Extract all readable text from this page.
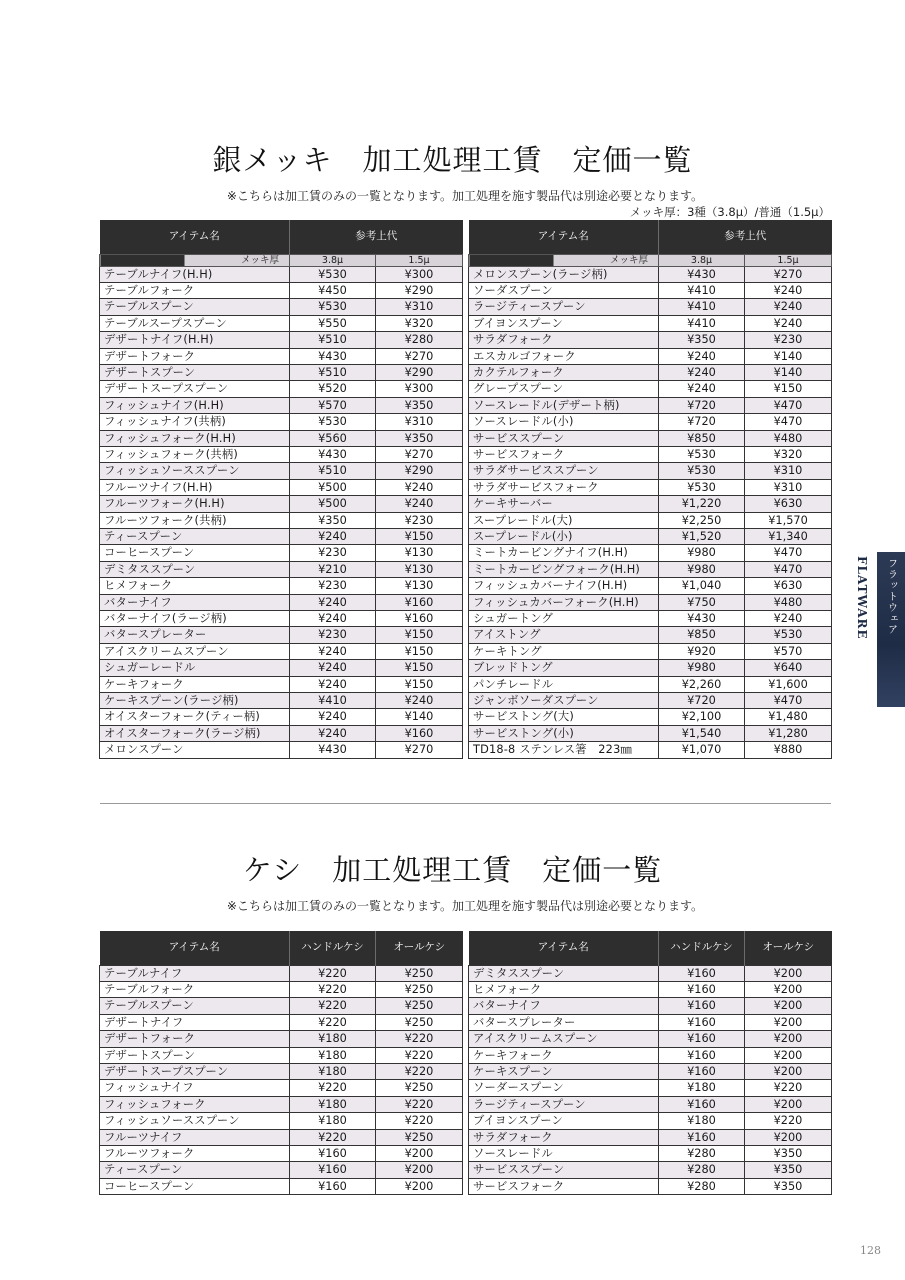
銀メッキ　加工処理工賃　定価一覧

※こちらは加工賃のみの一覧となります。加工処理を施す製品代は別途必要となります。

メッキ厚：3種（3.8μ）/普通（1.5μ）

アイテム名	参考上代	
メッキ厚	3.8μ	1.5μ
テーブルナイフ(H.H)	¥530	¥300
テーブルフォーク	¥450	¥290
テーブルスプーン	¥530	¥310
テーブルスープスプーン	¥550	¥320
デザートナイフ(H.H)	¥510	¥280
デザートフォーク	¥430	¥270
デザートスプーン	¥510	¥290
デザートスープスプーン	¥520	¥300
フィッシュナイフ(H.H)	¥570	¥350
フィッシュナイフ(共柄)	¥530	¥310
フィッシュフォーク(H.H)	¥560	¥350
フィッシュフォーク(共柄)	¥430	¥270
フィッシュソーススプーン	¥510	¥290
フルーツナイフ(H.H)	¥500	¥240
フルーツフォーク(H.H)	¥500	¥240
フルーツフォーク(共柄)	¥350	¥230
ティースプーン	¥240	¥150
コーヒースプーン	¥230	¥130
デミタススプーン	¥210	¥130
ヒメフォーク	¥230	¥130
バターナイフ	¥240	¥160
バターナイフ(ラージ柄)	¥240	¥160
バタースプレーター	¥230	¥150
アイスクリームスプーン	¥240	¥150
シュガーレードル	¥240	¥150
ケーキフォーク	¥240	¥150
ケーキスプーン(ラージ柄)	¥410	¥240
オイスターフォーク(ティー柄)	¥240	¥140
オイスターフォーク(ラージ柄)	¥240	¥160
メロンスプーン	¥430	¥270
アイテム名	参考上代	
メッキ厚	3.8μ	1.5μ
メロンスプーン(ラージ柄)	¥430	¥270
ソーダスプーン	¥410	¥240
ラージティースプーン	¥410	¥240
ブイヨンスプーン	¥410	¥240
サラダフォーク	¥350	¥230
エスカルゴフォーク	¥240	¥140
カクテルフォーク	¥240	¥140
グレープスプーン	¥240	¥150
ソースレードル(デザート柄)	¥720	¥470
ソースレードル(小)	¥720	¥470
サービススプーン	¥850	¥480
サービスフォーク	¥530	¥320
サラダサービススプーン	¥530	¥310
サラダサービスフォーク	¥530	¥310
ケーキサーバー	¥1,220	¥630
スープレードル(大)	¥2,250	¥1,570
スープレードル(小)	¥1,520	¥1,340
ミートカービングナイフ(H.H)	¥980	¥470
ミートカービングフォーク(H.H)	¥980	¥470
フィッシュカバーナイフ(H.H)	¥1,040	¥630
フィッシュカバーフォーク(H.H)	¥750	¥480
シュガートング	¥430	¥240
アイストング	¥850	¥530
ケーキトング	¥920	¥570
ブレッドトング	¥980	¥640
パンチレードル	¥2,260	¥1,600
ジャンボソーダスプーン	¥720	¥470
サービストング(大)	¥2,100	¥1,480
サービストング(小)	¥1,540	¥1,280
TD18-8 ステンレス箸　223㎜	¥1,070	¥880
ケシ　加工処理工賃　定価一覧

※こちらは加工賃のみの一覧となります。加工処理を施す製品代は別途必要となります。

アイテム名	ハンドルケシ	オールケシ
テーブルナイフ	¥220	¥250
テーブルフォーク	¥220	¥250
テーブルスプーン	¥220	¥250
デザートナイフ	¥220	¥250
デザートフォーク	¥180	¥220
デザートスプーン	¥180	¥220
デザートスープスプーン	¥180	¥220
フィッシュナイフ	¥220	¥250
フィッシュフォーク	¥180	¥220
フィッシュソーススプーン	¥180	¥220
フルーツナイフ	¥220	¥250
フルーツフォーク	¥160	¥200
ティースプーン	¥160	¥200
コーヒースプーン	¥160	¥200
アイテム名	ハンドルケシ	オールケシ
デミタススプーン	¥160	¥200
ヒメフォーク	¥160	¥200
バターナイフ	¥160	¥200
バタースプレーター	¥160	¥200
アイスクリームスプーン	¥160	¥200
ケーキフォーク	¥160	¥200
ケーキスプーン	¥160	¥200
ソーダースプーン	¥180	¥220
ラージティースプーン	¥160	¥200
ブイヨンスプーン	¥180	¥220
サラダフォーク	¥160	¥200
ソースレードル	¥280	¥350
サービススプーン	¥280	¥350
サービスフォーク	¥280	¥350
フラットウェア
FLATWARE
128
